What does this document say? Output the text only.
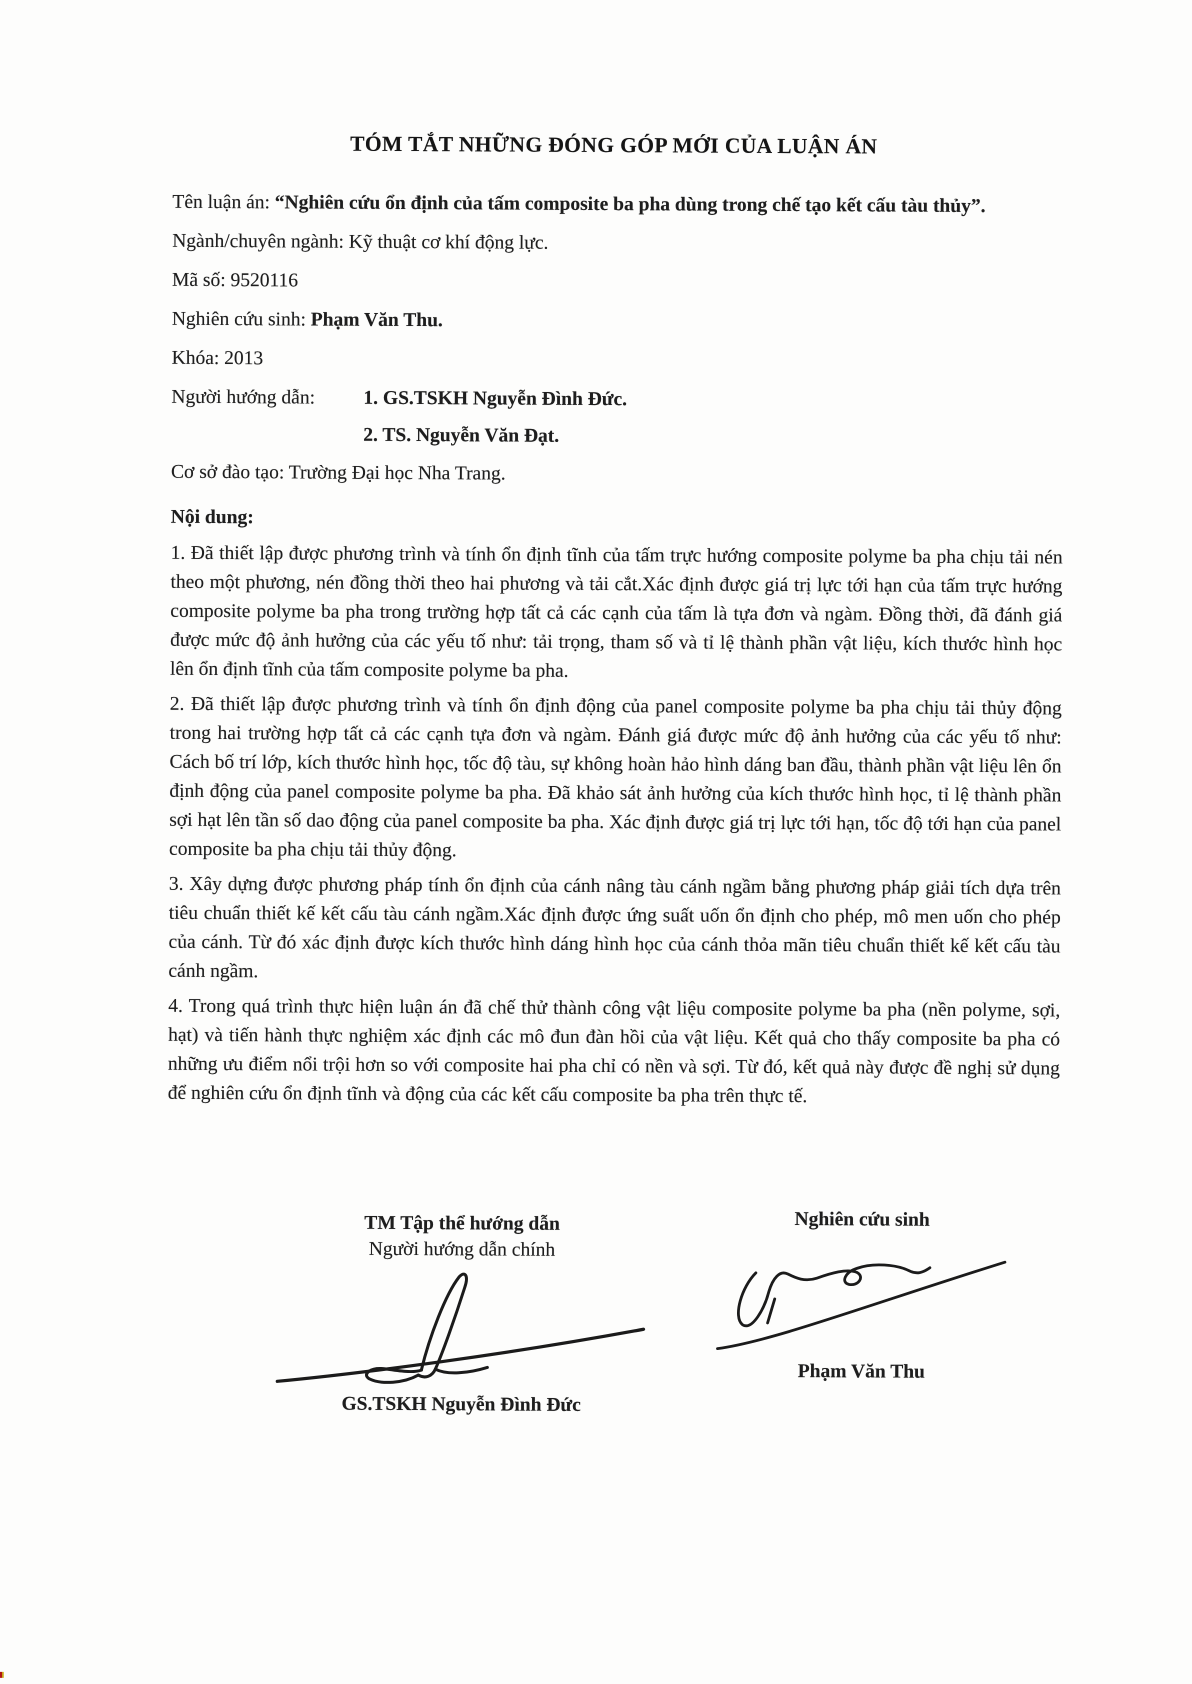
TÓM TẮT NHỮNG ĐÓNG GÓP MỚI CỦA LUẬN ÁN
Tên luận án: “Nghiên cứu ổn định của tấm composite ba pha dùng trong chế tạo kết cấu tàu thủy”.
Ngành/chuyên ngành: Kỹ thuật cơ khí động lực.
Mã số: 9520116
Nghiên cứu sinh: Phạm Văn Thu.
Khóa: 2013
Người hướng dẫn:	1. GS.TSKH Nguyễn Đình Đức.
2. TS. Nguyễn Văn Đạt.
Cơ sở đào tạo: Trường Đại học Nha Trang.
Nội dung:

1. Đã thiết lập được phương trình và tính ổn định tĩnh của tấm trực hướng composite polyme ba pha chịu tải nén theo một phương, nén đồng thời theo hai phương và tải cắt.Xác định được giá trị lực tới hạn của tấm trực hướng composite polyme ba pha trong trường hợp tất cả các cạnh của tấm là tựa đơn và ngàm. Đồng thời, đã đánh giá được mức độ ảnh hưởng của các yếu tố như: tải trọng, tham số và tỉ lệ thành phần vật liệu, kích thước hình học lên ổn định tĩnh của tấm composite polyme ba pha.

2. Đã thiết lập được phương trình và tính ổn định động của panel composite polyme ba pha chịu tải thủy động trong hai trường hợp tất cả các cạnh tựa đơn và ngàm. Đánh giá được mức độ ảnh hưởng của các yếu tố như: Cách bố trí lớp, kích thước hình học, tốc độ tàu, sự không hoàn hảo hình dáng ban đầu, thành phần vật liệu lên ổn định động của panel composite polyme ba pha. Đã khảo sát ảnh hưởng của kích thước hình học, tỉ lệ thành phần sợi hạt lên tần số dao động của panel composite ba pha. Xác định được giá trị lực tới hạn, tốc độ tới hạn của panel composite ba pha chịu tải thủy động.

3. Xây dựng được phương pháp tính ổn định của cánh nâng tàu cánh ngầm bằng phương pháp giải tích dựa trên tiêu chuẩn thiết kế kết cấu tàu cánh ngầm.Xác định được ứng suất uốn ổn định cho phép, mô men uốn cho phép của cánh. Từ đó xác định được kích thước hình dáng hình học của cánh thỏa mãn tiêu chuẩn thiết kế kết cấu tàu cánh ngầm.

4. Trong quá trình thực hiện luận án đã chế thử thành công vật liệu composite polyme ba pha (nền polyme, sợi, hạt) và tiến hành thực nghiệm xác định các mô đun đàn hồi của vật liệu. Kết quả cho thấy composite ba pha có những ưu điểm nổi trội hơn so với composite hai pha chỉ có nền và sợi. Từ đó, kết quả này được đề nghị sử dụng để nghiên cứu ổn định tĩnh và động của các kết cấu composite ba pha trên thực tế.

TM Tập thể hướng dẫn
Người hướng dẫn chính
GS.TSKH Nguyễn Đình Đức
Nghiên cứu sinh
Phạm Văn Thu
